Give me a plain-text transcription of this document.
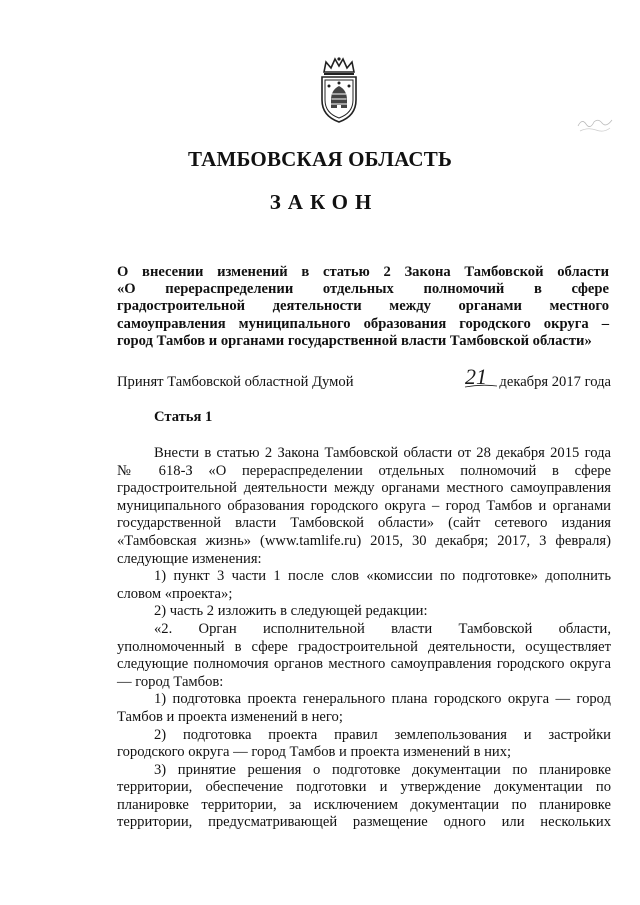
ТАМБОВСКАЯ ОБЛАСТЬ
ЗАКОН
О внесении изменений в статью 2 Закона Тамбовской области
«О перераспределении отдельных полномочий в сфере
градостроительной деятельности между органами местного
самоуправления муниципального образования городского округа –
город Тамбов и органами государственной власти Тамбовской области»
Принят Тамбовской областной Думой	21 декабря 2017 года
Статья 1
Внести в статью 2 Закона Тамбовской области от 28 декабря 2015 года
№ 618-З «О перераспределении отдельных полномочий в сфере
градостроительной деятельности между органами местного самоуправления
муниципального образования городского округа – город Тамбов и органами
государственной власти Тамбовской области» (сайт сетевого издания
«Тамбовская жизнь» (www.tamlife.ru) 2015, 30 декабря; 2017, 3 февраля)
следующие изменения:
1) пункт 3 части 1 после слов «комиссии по подготовке» дополнить
словом «проекта»;
2) часть 2 изложить в следующей редакции:
«2. Орган исполнительной власти Тамбовской области,
уполномоченный в сфере градостроительной деятельности, осуществляет
следующие полномочия органов местного самоуправления городского округа
— город Тамбов:
1) подготовка проекта генерального плана городского округа — город
Тамбов и проекта изменений в него;
2) подготовка проекта правил землепользования и застройки
городского округа — город Тамбов и проекта изменений в них;
3) принятие решения о подготовке документации по планировке
территории, обеспечение подготовки и утверждение документации по
планировке территории, за исключением документации по планировке
территории, предусматривающей размещение одного или нескольких
